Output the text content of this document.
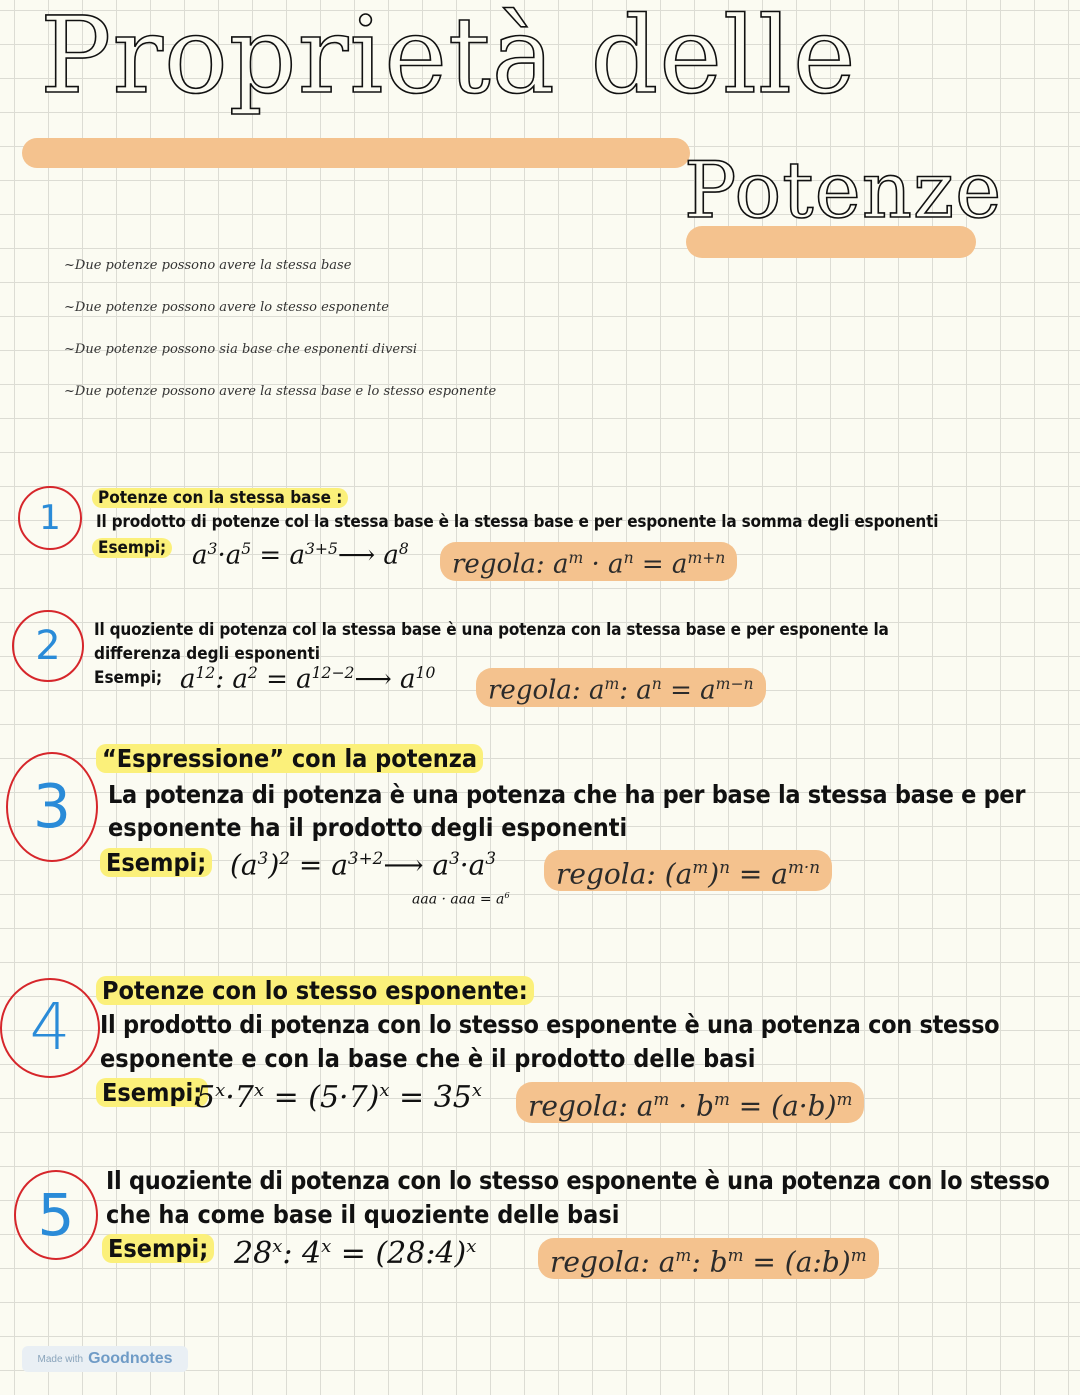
Proprietà delle
Potenze
~Due potenze possono avere la stessa base
~Due potenze possono avere lo stesso esponente
~Due potenze possono sia base che esponenti diversi
~Due potenze possono avere la stessa base e lo stesso esponente
1	Potenze con la stessa base :
Il prodotto di potenze col la stessa base è la stessa base e per esponente la somma degli esponenti
Esempi; $a^3\cdot a^5$ = $a^{3+5}⟶$ $a^8$
regola: $a^m \cdot a^n = a^{m+n}$
2 Il quoziente di potenza col la stessa base è una potenza con la stessa base e per esponente la
differenza degli esponenti
Esempi; $a^{12}$: $a^2$ = $a^{12-2}⟶$ $a^{10}$
regola: $a^m$: $a^n = a^{m-n}$
3
“Espressione” con la potenza
La potenza di potenza è una potenza che ha per base la stessa base e per
esponente ha il prodotto degli esponenti
Esempi; $(a^3)^2$ = $a^{3+2}⟶$ $a^3\cdot a^3$
aaa · aaa = $a^6$
regola: $(a^m)^n = a^{m\cdot n}$
4
Potenze con lo stesso esponente:
Il prodotto di potenza con lo stesso esponente è una potenza con stesso
esponente e con la base che è il prodotto delle basi
Esempi;
$5^x\cdot 7^x = (5\cdot 7)^x = 35^x$	regola: $a^m \cdot b^m = (a\cdot b)^m$
5
Il quoziente di potenza con lo stesso esponente è una potenza con lo stesso
che ha come base il quoziente delle basi
Esempi; 28$^x$: $4^x$ = (28:4)$^x$	regola: $a^m$: $b^m$ = (a:b)$^m$
Made with Goodnotes
